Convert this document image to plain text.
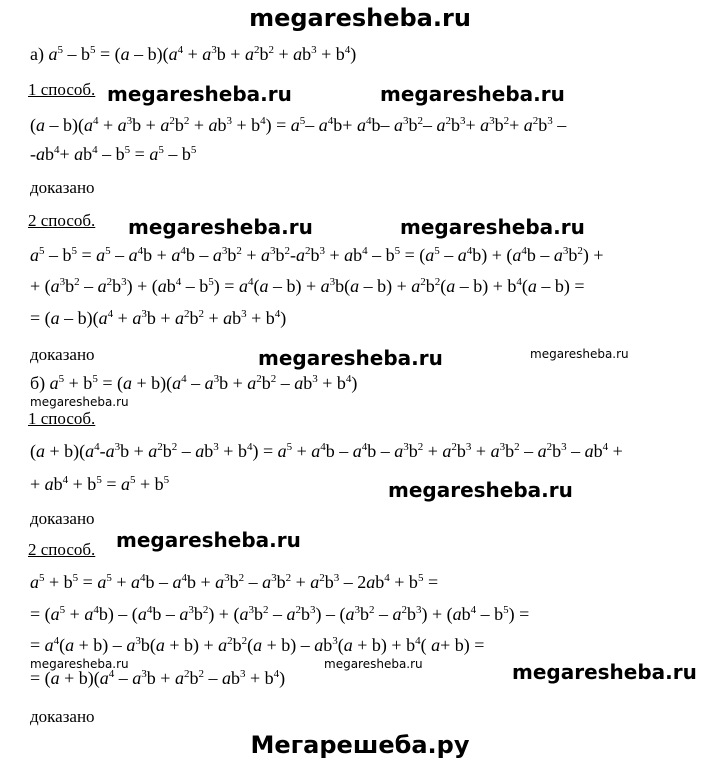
megaresheba.ru
а) $a^5 - b^5 = (a - b)(a^4 + a^3b + a^2b^2 + ab^3 + b^4)$
1 способ. megaresheba.ru	megaresheba.ru
$(a - b)(a^4 + a^3b + a^2b^2 + ab^3 + b^4) = a^5-$ $a^4b+ a^4b-$ $a^3b^2-$ $a^2b^3+ a^3b^2+ a^2b^3$ –
$-ab^4+ ab^4 - b^5 = a^5 - b^5$
доказано
2 способ. megaresheba.ru	megaresheba.ru
$a^5 - b^5 = a^5 - a^4b + a^4b - a^3b^2 + a^3b^2-a^2b^3 + ab^4 - b^5 = (a^5 - a^4b) + (a^4b - a^3b^2)$ +
+ $(a^3b^2 - a^2b^3) + (ab^4 - b^5) = a^4(a - b) + a^3b(a - b) + a^2b^2(a - b) + b^4(a - b)$ =
= $(a - b)(a^4 + a^3b + a^2b^2 + ab^3 + b^4)$
доказано	megaresheba.ru	megaresheba.ru
б) $a^5 + b^5 = (a + b)(a^4 - a^3b + a^2b^2 - ab^3 + b^4)$
megaresheba.ru
1 способ.
$(a + b)(a^4-a^3b + a^2b^2 - ab^3 + b^4) = a^5 + a^4b - a^4b - a^3b^2 + a^2b^3 + a^3b^2 - a^2b^3 - ab^4$ +
+ $ab^4 + b^5 = a^5 + b^5$	megaresheba.ru
доказано
2 способ. megaresheba.ru
$a^5 + b^5 = a^5 + a^4b - a^4b + a^3b^2 - a^3b^2 + a^2b^3 - 2ab^4 + b^5$ =
= $(a^5 + a^4b) - (a^4b - a^3b^2) + (a^3b^2 - a^2b^3) - (a^3b^2 - a^2b^3) + (ab^4 - b^5)$ =
= $a^4(a + b) - a^3b(a + b) + a^2b^2(a + b) - ab^3(a + b) + b^4$( a+ b) =
megaresheba.ru	megaresheba.ru	megaresheba.ru
= $(a + b)(a^4 - a^3b + a^2b^2 - ab^3 + b^4)$
доказано
Мегарешеба.ру
